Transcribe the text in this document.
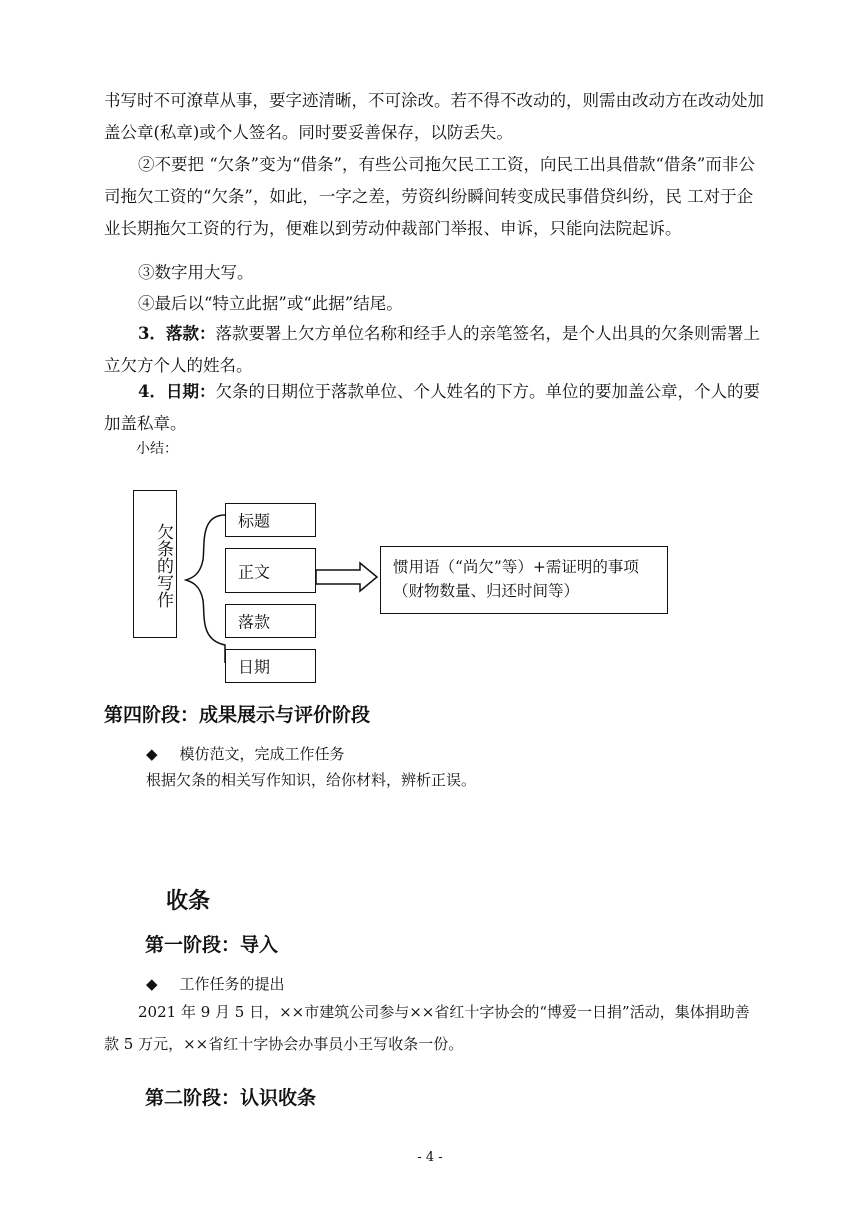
书写时不可潦草从事，要字迹清晰，不可涂改。若不得不改动的，则需由改动方在改动处加盖公章(私章)或个人签名。同时要妥善保存，以防丢失。

②不要把 “欠条”变为“借条”，有些公司拖欠民工工资，向民工出具借款“借条”而非公司拖欠工资的“欠条”，如此，一字之差，劳资纠纷瞬间转变成民事借贷纠纷，民 工对于企业长期拖欠工资的行为，便难以到劳动仲裁部门举报、申诉，只能向法院起诉。

③数字用大写。

④最后以“特立此据”或“此据”结尾。

3．落款：落款要署上欠方单位名称和经手人的亲笔签名，是个人出具的欠条则需署上立欠方个人的姓名。

4．日期：欠条的日期位于落款单位、个人姓名的下方。单位的要加盖公章，个人的要加盖私章。

小结：

欠条的写作
标题
正文
落款
日期
惯用语（“尚欠”等）+需证明的事项（财物数量、归还时间等）

第四阶段：成果展示与评价阶段

◆ 模仿范文，完成工作任务

根据欠条的相关写作知识，给你材料，辨析正误。

收条

第一阶段：导入

◆ 工作任务的提出

2021 年 9 月 5 日，××市建筑公司参与××省红十字协会的“博爱一日捐”活动，集体捐助善款 5 万元，××省红十字协会办事员小王写收条一份。

第二阶段：认识收条

- 4 -
